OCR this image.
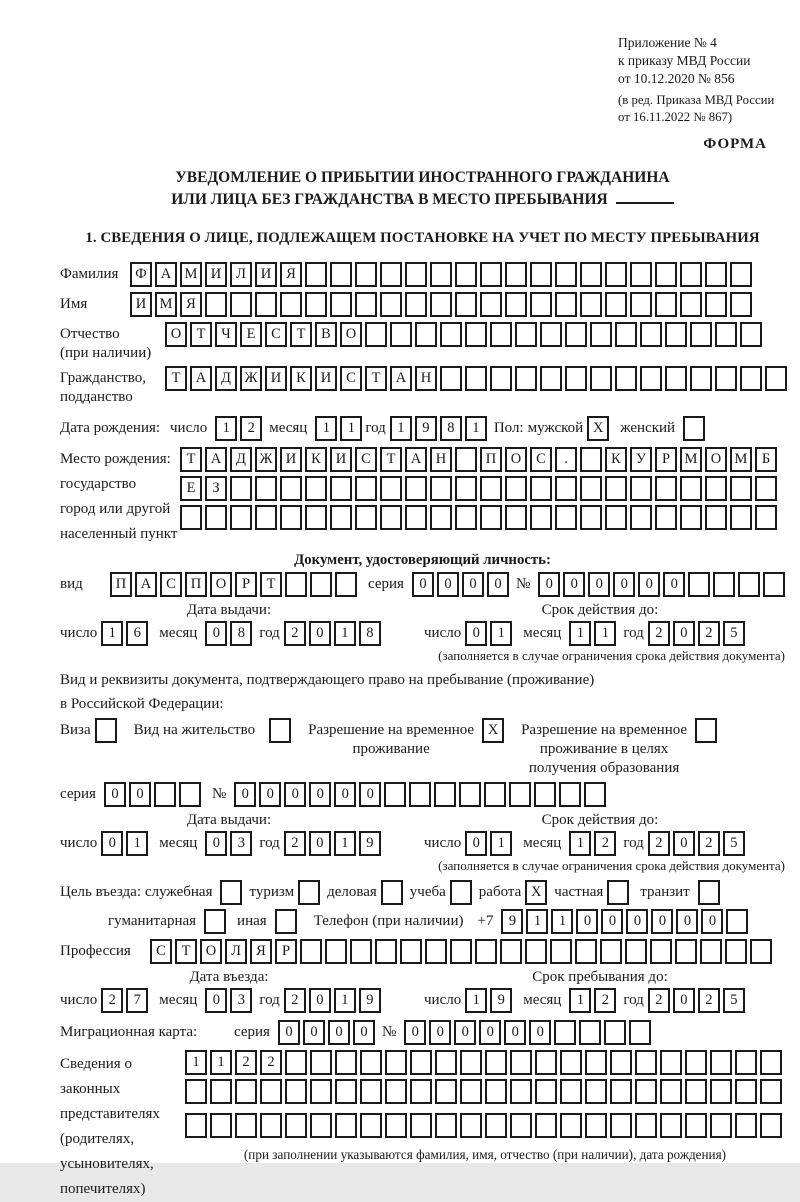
Приложение № 4
к приказу МВД России
от 10.12.2020 № 856
(в ред. Приказа МВД России
от 16.11.2022 № 867)
ФОРМА
УВЕДОМЛЕНИЕ О ПРИБЫТИИ ИНОСТРАННОГО ГРАЖДАНИНА
ИЛИ ЛИЦА БЕЗ ГРАЖДАНСТВА В МЕСТО ПРЕБЫВАНИЯ
1. СВЕДЕНИЯ О ЛИЦЕ, ПОДЛЕЖАЩЕМ ПОСТАНОВКЕ НА УЧЕТ ПО МЕСТУ ПРЕБЫВАНИЯ
Фамилия	Ф А М И	Л	И	Я
Имя	И М Я
Отчество
(при наличии)
О	Т	Ч	Е	С	Т	В	О
Гражданство,
подданство
Т	А	Д Ж И	К	И	С	Т	А	Н
Дата рождения: число	1	2 месяц	1	1 год 1	9	8	1 Пол: мужской X	женский
Место рождения:
государство
город или другой
населенный пункт
Т	А	Д Ж И	К	И	С	Т	А	Н	П	О	С	.	К	У	Р	М О М Б
Е	З
Документ, удостоверяющий личность:
вид	П	А	С	П	О	Р	Т	серия	0	0	0	0 №	0	0	0	0	0	0
Дата выдачи:
число 1	6	месяц	0	8 год 2	0	1	8
Срок действия до:
число 0	1	месяц	1	1 год 2	0	2	5
(заполняется в случае ограничения срока действия документа)
Вид и реквизиты документа, подтверждающего право на пребывание (проживание)
в Российской Федерации:
Виза	Вид на жительство	Разрешение на временное
проживание
X	Разрешение на временное
проживание в целях
получения образования
серия	0	0	№	0	0	0	0	0	0
Дата выдачи:
число 0	1	месяц	0	3 год 2	0	1	9
Срок действия до:
число 0	1	месяц	1	2 год 2	0	2	5
(заполняется в случае ограничения срока действия документа)
Цель въезда: служебная туризм деловая учеба работа X частная транзит
гуманитарная	иная	Телефон (при наличии) +7	9	1	1	0	0	0	0	0	0
Профессия	С	Т	О	Л	Я	Р
Дата въезда:
число 2	7	месяц	0	3 год 2	0	1	9
Срок пребывания до:
число 1	9	месяц	1	2 год 2	0	2	5
Миграционная карта:	серия	0	0	0	0 №	0	0	0	0	0	0
Сведения о
законных
представителях
(родителях,
усыновителях,
попечителях)
1	1	2	2
(при заполнении указываются фамилия, имя, отчество (при наличии), дата рождения)
